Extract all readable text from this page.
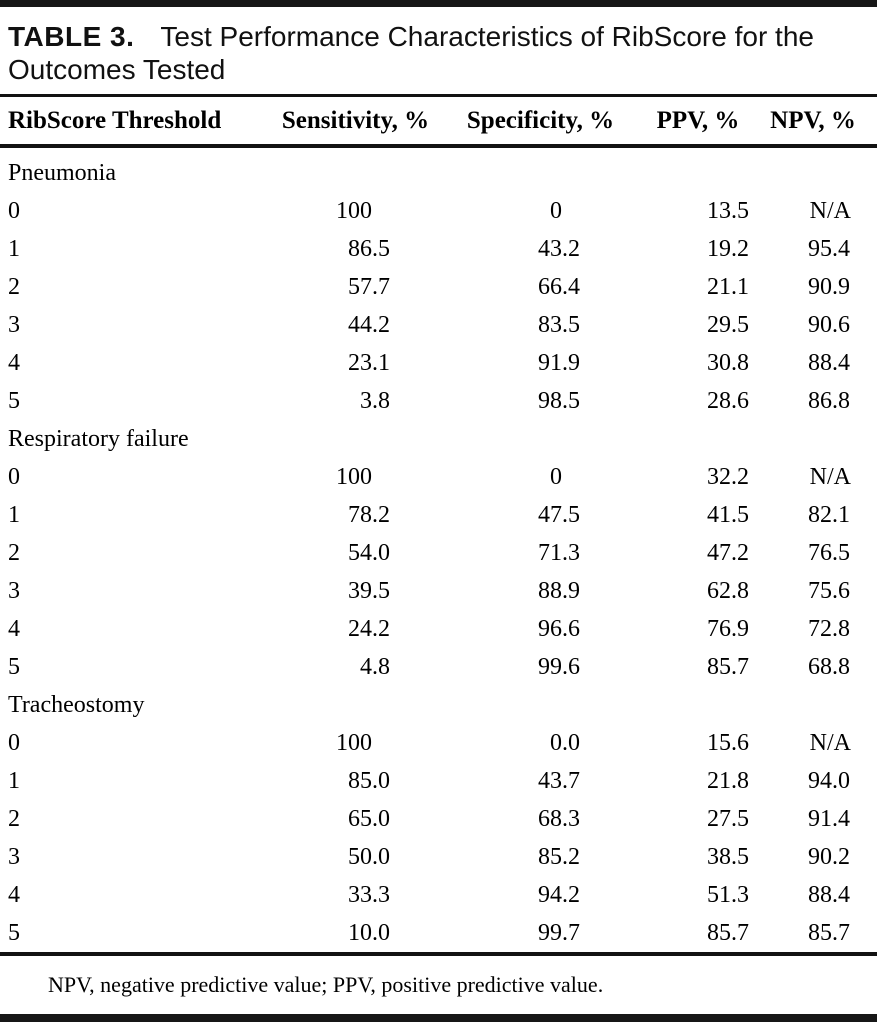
TABLE 3. Test Performance Characteristics of RibScore for the
Outcomes Tested
RibScore Threshold	Sensitivity, %	Specificity, %	PPV, %	NPV, %
Pneumonia
0	100	0	13 .5	N/A
1	86 .5	43 .2	19 .2	95 .4
2	57 .7	66 .4	21 .1	90 .9
3	44 .2	83 .5	29 .5	90 .6
4	23 .1	91 .9	30 .8	88 .4
5	3 .8	98 .5	28 .6	86 .8
Respiratory failure
0	100	0	32 .2	N/A
1	78 .2	47 .5	41 .5	82 .1
2	54 .0	71 .3	47 .2	76 .5
3	39 .5	88 .9	62 .8	75 .6
4	24 .2	96 .6	76 .9	72 .8
5	4 .8	99 .6	85 .7	68 .8
Tracheostomy
0	100	0 .0	15 .6	N/A
1	85 .0	43 .7	21 .8	94 .0
2	65 .0	68 .3	27 .5	91 .4
3	50 .0	85 .2	38 .5	90 .2
4	33 .3	94 .2	51 .3	88 .4
5	10 .0	99 .7	85 .7	85 .7
NPV, negative predictive value; PPV, positive predictive value.
